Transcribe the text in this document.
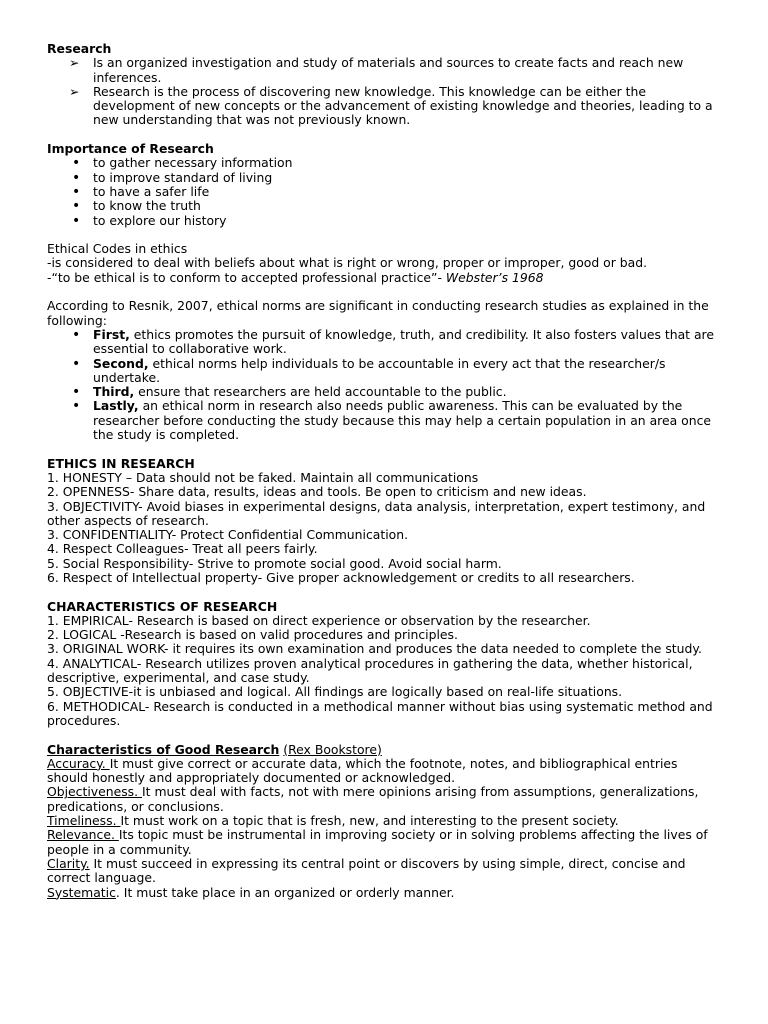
Research

➢ Is an organized investigation and study of materials and sources to create facts and reach new inferences.
➢ Research is the process of discovering new knowledge. This knowledge can be either the development of new concepts or the advancement of existing knowledge and theories, leading to a new understanding that was not previously known.

Importance of Research

• to gather necessary information
• to improve standard of living
• to have a safer life
• to know the truth
• to explore our history

Ethical Codes in ethics

-is considered to deal with beliefs about what is right or wrong, proper or improper, good or bad.

-“to be ethical is to conform to accepted professional practice”- Webster’s 1968

According to Resnik, 2007, ethical norms are significant in conducting research studies as explained in the following:

• First, ethics promotes the pursuit of knowledge, truth, and credibility. It also fosters values that are essential to collaborative work.
• Second, ethical norms help individuals to be accountable in every act that the researcher/s undertake.
• Third, ensure that researchers are held accountable to the public.
• Lastly, an ethical norm in research also needs public awareness. This can be evaluated by the researcher before conducting the study because this may help a certain population in an area once the study is completed.

ETHICS IN RESEARCH

1. HONESTY – Data should not be faked. Maintain all communications

2. OPENNESS- Share data, results, ideas and tools. Be open to criticism and new ideas.

3. OBJECTIVITY- Avoid biases in experimental designs, data analysis, interpretation, expert testimony, and other aspects of research.

3. CONFIDENTIALITY- Protect Confidential Communication.

4. Respect Colleagues- Treat all peers fairly.

5. Social Responsibility- Strive to promote social good. Avoid social harm.

6. Respect of Intellectual property- Give proper acknowledgement or credits to all researchers.

CHARACTERISTICS OF RESEARCH

1. EMPIRICAL- Research is based on direct experience or observation by the researcher.

2. LOGICAL -Research is based on valid procedures and principles.

3. ORIGINAL WORK- it requires its own examination and produces the data needed to complete the study.

4. ANALYTICAL- Research utilizes proven analytical procedures in gathering the data, whether historical, descriptive, experimental, and case study.

5. OBJECTIVE-it is unbiased and logical. All findings are logically based on real-life situations.

6. METHODICAL- Research is conducted in a methodical manner without bias using systematic method and procedures.

Characteristics of Good Research (Rex Bookstore)

Accuracy. It must give correct or accurate data, which the footnote, notes, and bibliographical entries should honestly and appropriately documented or acknowledged.

Objectiveness. It must deal with facts, not with mere opinions arising from assumptions, generalizations, predications, or conclusions.

Timeliness. It must work on a topic that is fresh, new, and interesting to the present society.

Relevance. Its topic must be instrumental in improving society or in solving problems affecting the lives of people in a community.

Clarity. It must succeed in expressing its central point or discovers by using simple, direct, concise and correct language.

Systematic. It must take place in an organized or orderly manner.
